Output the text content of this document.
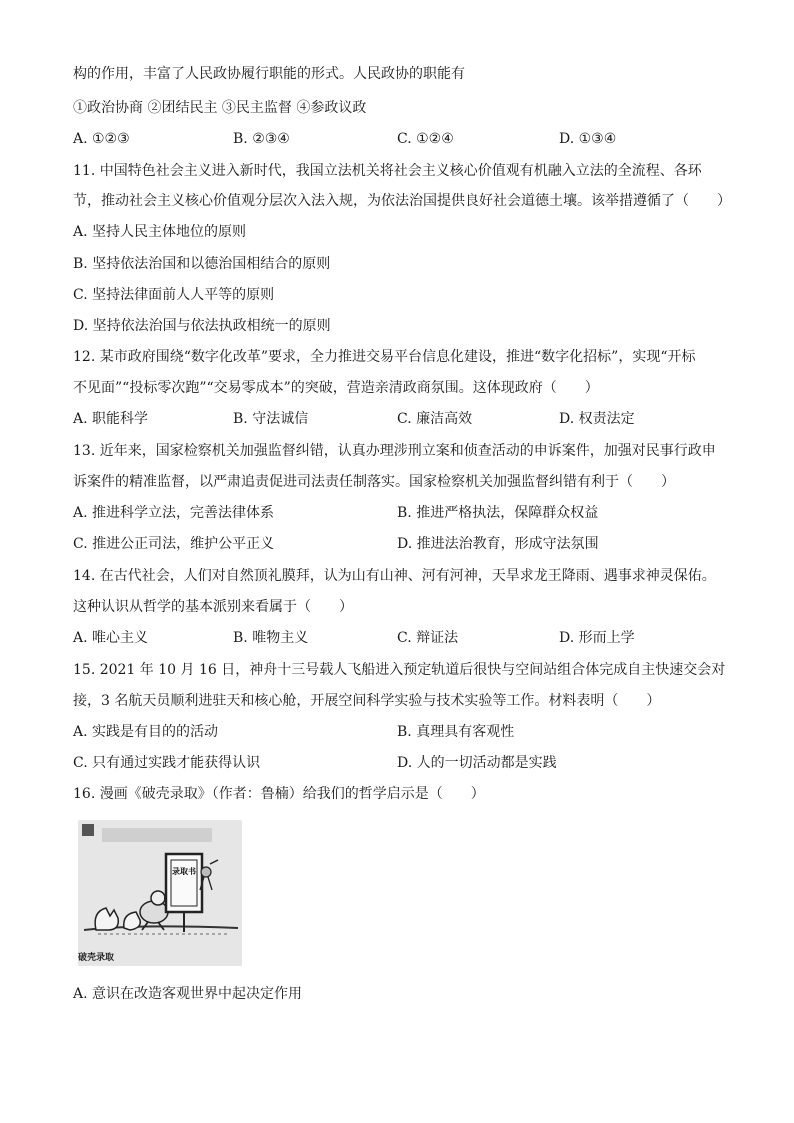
构的作用，丰富了人民政协履行职能的形式。人民政协的职能有
①政治协商 ②团结民主 ③民主监督 ④参政议政
A. ①②③	B. ②③④	C. ①②④	D. ①③④
11. 中国特色社会主义进入新时代，我国立法机关将社会主义核心价值观有机融入立法的全流程、各环
节，推动社会主义核心价值观分层次入法入规，为依法治国提供良好社会道德土壤。该举措遵循了（　　）
A. 坚持人民主体地位的原则
B. 坚持依法治国和以德治国相结合的原则
C. 坚持法律面前人人平等的原则
D. 坚持依法治国与依法执政相统一的原则
12. 某市政府围绕“数字化改革”要求，全力推进交易平台信息化建设，推进“数字化招标”，实现“开标
不见面”“投标零次跑”“交易零成本”的突破，营造亲清政商氛围。这体现政府（　　）
A. 职能科学	B. 守法诚信	C. 廉洁高效	D. 权责法定
13. 近年来，国家检察机关加强监督纠错，认真办理涉刑立案和侦查活动的申诉案件，加强对民事行政申
诉案件的精准监督，以严肃追责促进司法责任制落实。国家检察机关加强监督纠错有利于（　　）
A. 推进科学立法，完善法律体系	B. 推进严格执法，保障群众权益
C. 推进公正司法，维护公平正义	D. 推进法治教育，形成守法氛围
14. 在古代社会，人们对自然顶礼膜拜，认为山有山神、河有河神，天旱求龙王降雨、遇事求神灵保佑。
这种认识从哲学的基本派别来看属于（　　）
A. 唯心主义	B. 唯物主义	C. 辩证法	D. 形而上学
15. 2021 年 10 月 16 日，神舟十三号载人飞船进入预定轨道后很快与空间站组合体完成自主快速交会对
接，3 名航天员顺利进驻天和核心舱，开展空间科学实验与技术实验等工作。材料表明（　　）
A. 实践是有目的的活动	B. 真理具有客观性
C. 只有通过实践才能获得认识	D. 人的一切活动都是实践
16. 漫画《破壳录取》（作者：鲁楠）给我们的哲学启示是（　　）
录取书
破壳录取
A. 意识在改造客观世界中起决定作用
